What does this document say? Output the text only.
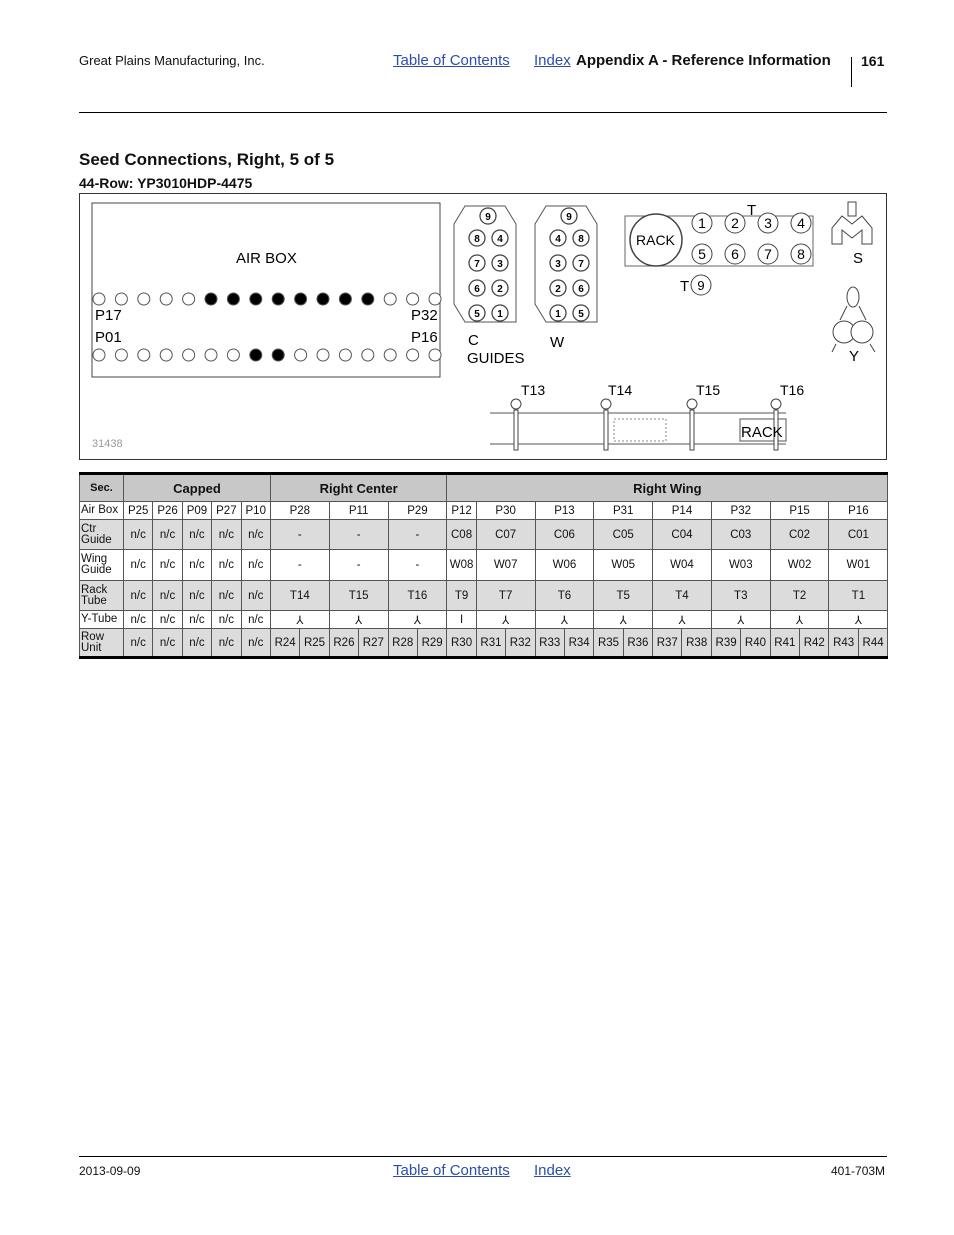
Great Plains Manufacturing, Inc.	Table of Contents Index Appendix A - Reference Information 161
Seed Connections, Right, 5 of 5
44-Row: YP3010HDP-4475
AIR BOX
P17	P32
P01	P16
9
8 4
7 3
6 2
5 1
C
GUIDES
9
4 8
3 7
2 6
1 5
W
RACK
T
1 2 3 4
5 6 7 8
T 9
S
Y
T13	T14	T15	T16
RACK
31438
Sec.	Capped					Right Center						Right Wing														
Air Box	P25	P26	P09	P27	P10	P28		P11		P29		P12	P30		P13		P31		P14		P32		P15		P16	
Ctr Guide	n/c	n/c	n/c	n/c	n/c	-		-		-		C08	C07		C06		C05		C04		C03		C02		C01	
Wing Guide	n/c	n/c	n/c	n/c	n/c	-		-		-		W08	W07		W06		W05		W04		W03		W02		W01	
Rack Tube	n/c	n/c	n/c	n/c	n/c	T14		T15		T16		T9	T7		T6		T5		T4		T3		T2		T1	
Y-Tube	n/c	n/c	n/c	n/c	n/c	⅄		⅄		⅄		I	⅄		⅄		⅄		⅄		⅄		⅄		⅄	
Row Unit	n/c	n/c	n/c	n/c	n/c	R24	R25	R26	R27	R28	R29	R30	R31	R32	R33	R34	R35	R36	R37	R38	R39	R40	R41	R42	R43	R44
2013-09-09	Table of Contents Index	401-703M
